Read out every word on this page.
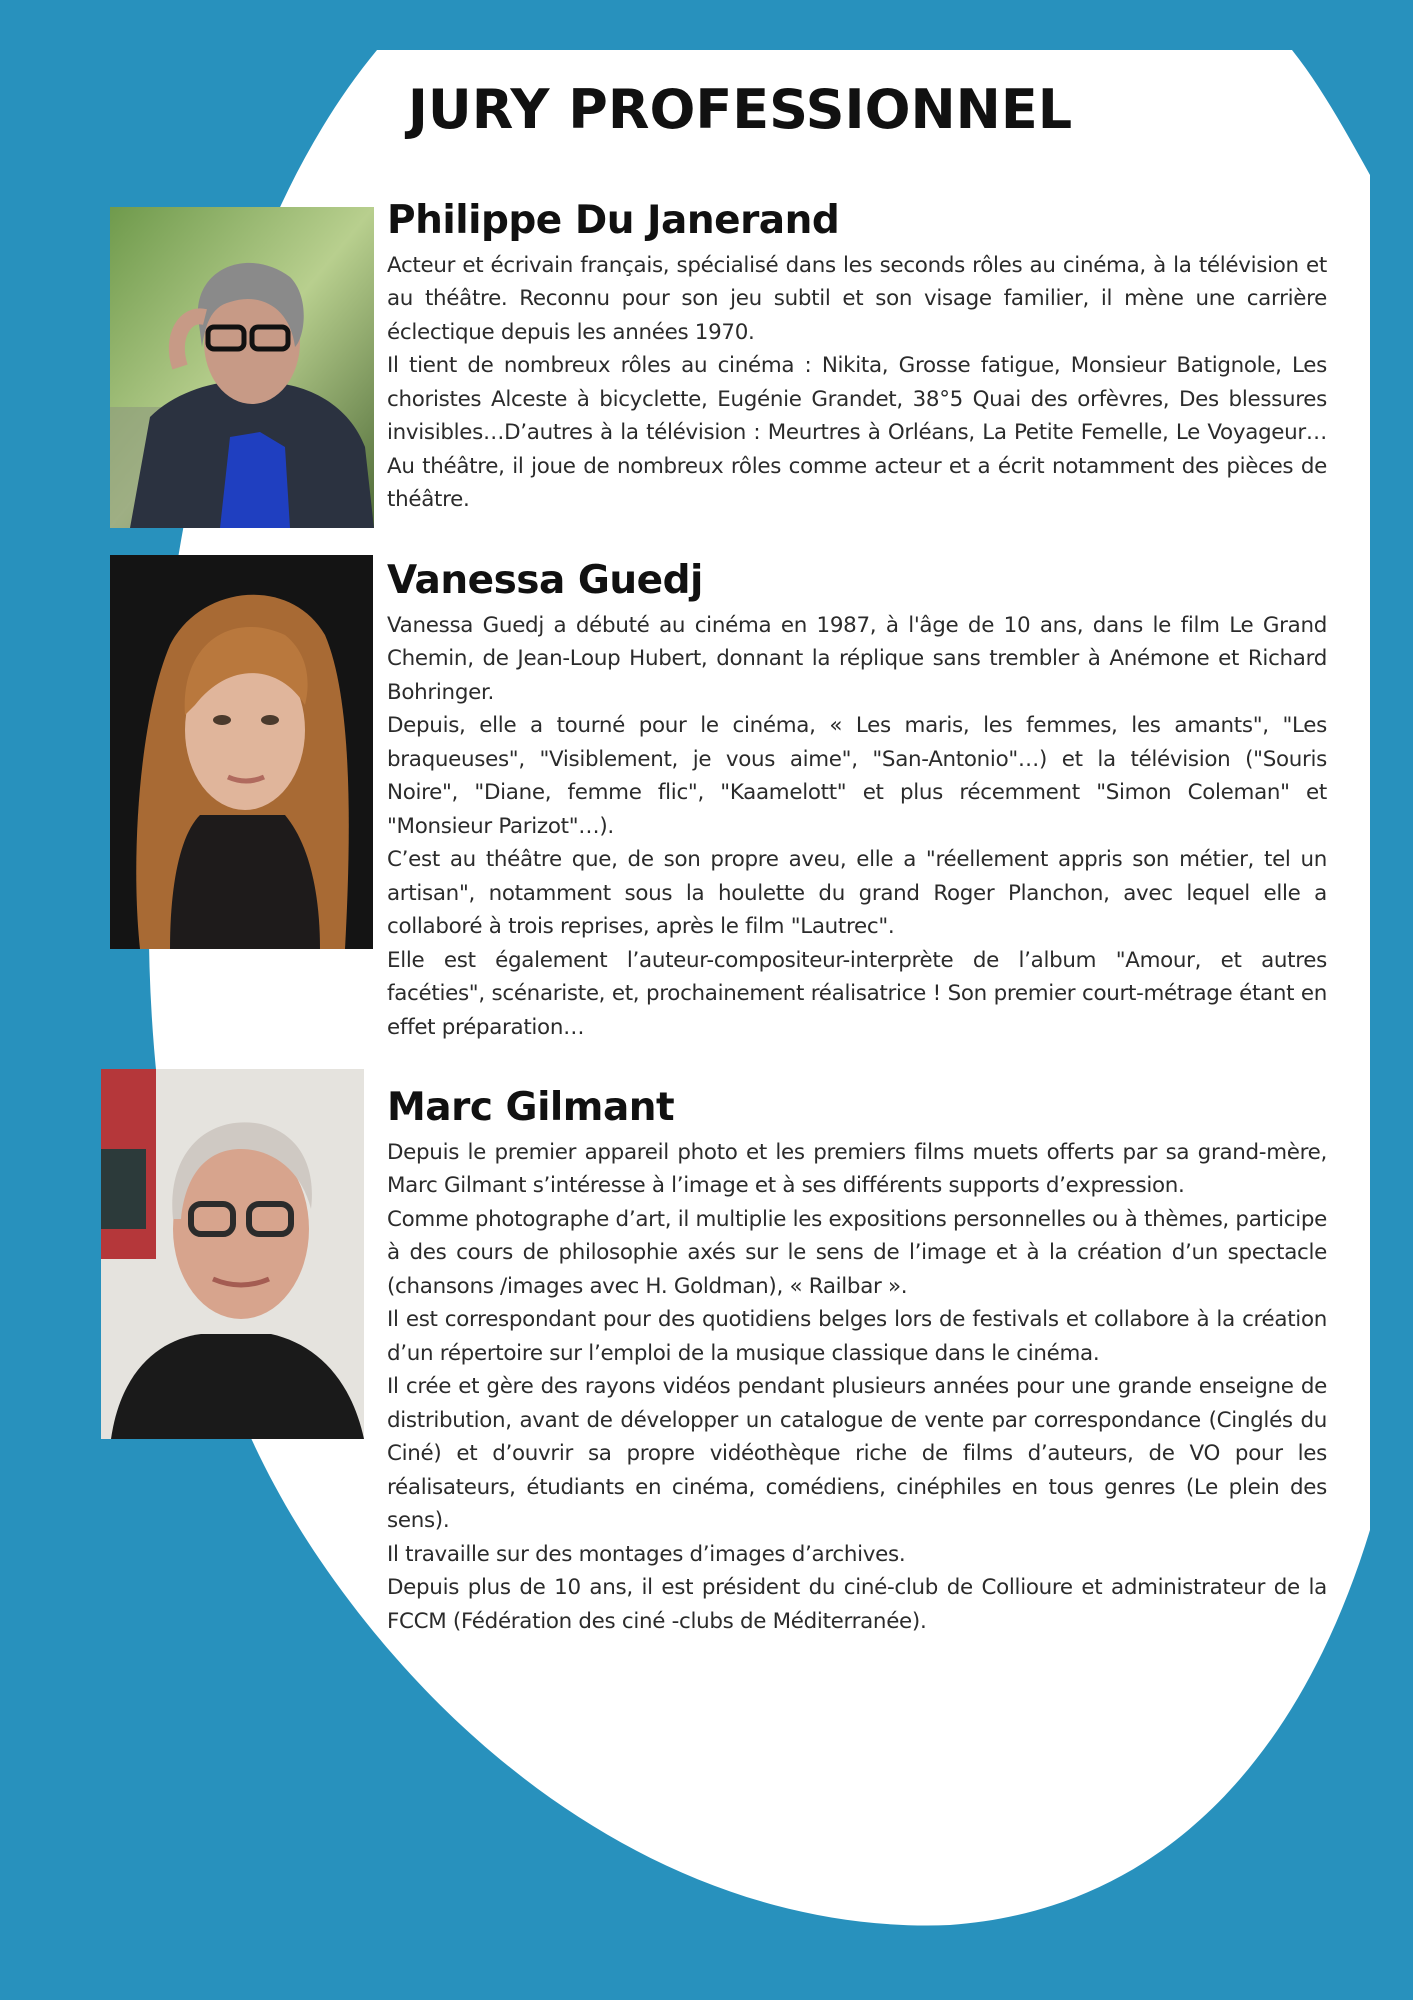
JURY PROFESSIONNEL
Philippe Du Janerand

Acteur et écrivain français, spécialisé dans les seconds rôles au cinéma, à la télévision et au théâtre. Reconnu pour son jeu subtil et son visage familier, il mène une carrière éclectique depuis les années 1970.

Il tient de nombreux rôles au cinéma : Nikita, Grosse fatigue, Monsieur Batignole, Les choristes Alceste à bicyclette, Eugénie Grandet, 38°5 Quai des orfèvres, Des blessures invisibles…D’autres à la télévision : Meurtres à Orléans, La Petite Femelle, Le Voyageur…Au théâtre, il joue de nombreux rôles comme acteur et a écrit notamment des pièces de théâtre.

Vanessa Guedj

Vanessa Guedj a débuté au cinéma en 1987, à l'âge de 10 ans, dans le film Le Grand Chemin, de Jean-Loup Hubert, donnant la réplique sans trembler à Anémone et Richard Bohringer.

Depuis, elle a tourné pour le cinéma, « Les maris, les femmes, les amants", "Les braqueuses", "Visiblement, je vous aime", "San-Antonio"…) et la télévision ("Souris Noire", "Diane, femme flic", "Kaamelott" et plus récemment "Simon Coleman" et "Monsieur Parizot"…).

C’est au théâtre que, de son propre aveu, elle a "réellement appris son métier, tel un artisan", notamment sous la houlette du grand Roger Planchon, avec lequel elle a collaboré à trois reprises, après le film "Lautrec".

Elle est également l’auteur-compositeur-interprète de l’album "Amour, et autres facéties", scénariste, et, prochainement réalisatrice ! Son premier court-métrage étant en effet préparation…

Marc Gilmant

Depuis le premier appareil photo et les premiers films muets offerts par sa grand-mère, Marc Gilmant s’intéresse à l’image et à ses différents supports d’expression.

Comme photographe d’art, il multiplie les expositions personnelles ou à thèmes, participe à des cours de philosophie axés sur le sens de l’image et à la création d’un spectacle (chansons /images avec H. Goldman), « Railbar ».

Il est correspondant pour des quotidiens belges lors de festivals et collabore à la création d’un répertoire sur l’emploi de la musique classique dans le cinéma.

Il crée et gère des rayons vidéos pendant plusieurs années pour une grande enseigne de distribution, avant de développer un catalogue de vente par correspondance (Cinglés du Ciné) et d’ouvrir sa propre vidéothèque riche de films d’auteurs, de VO pour les réalisateurs, étudiants en cinéma, comédiens, cinéphiles en tous genres (Le plein des sens).

Il travaille sur des montages d’images d’archives.

Depuis plus de 10 ans, il est président du ciné-club de Collioure et administrateur de la FCCM (Fédération des ciné -clubs de Méditerranée).
